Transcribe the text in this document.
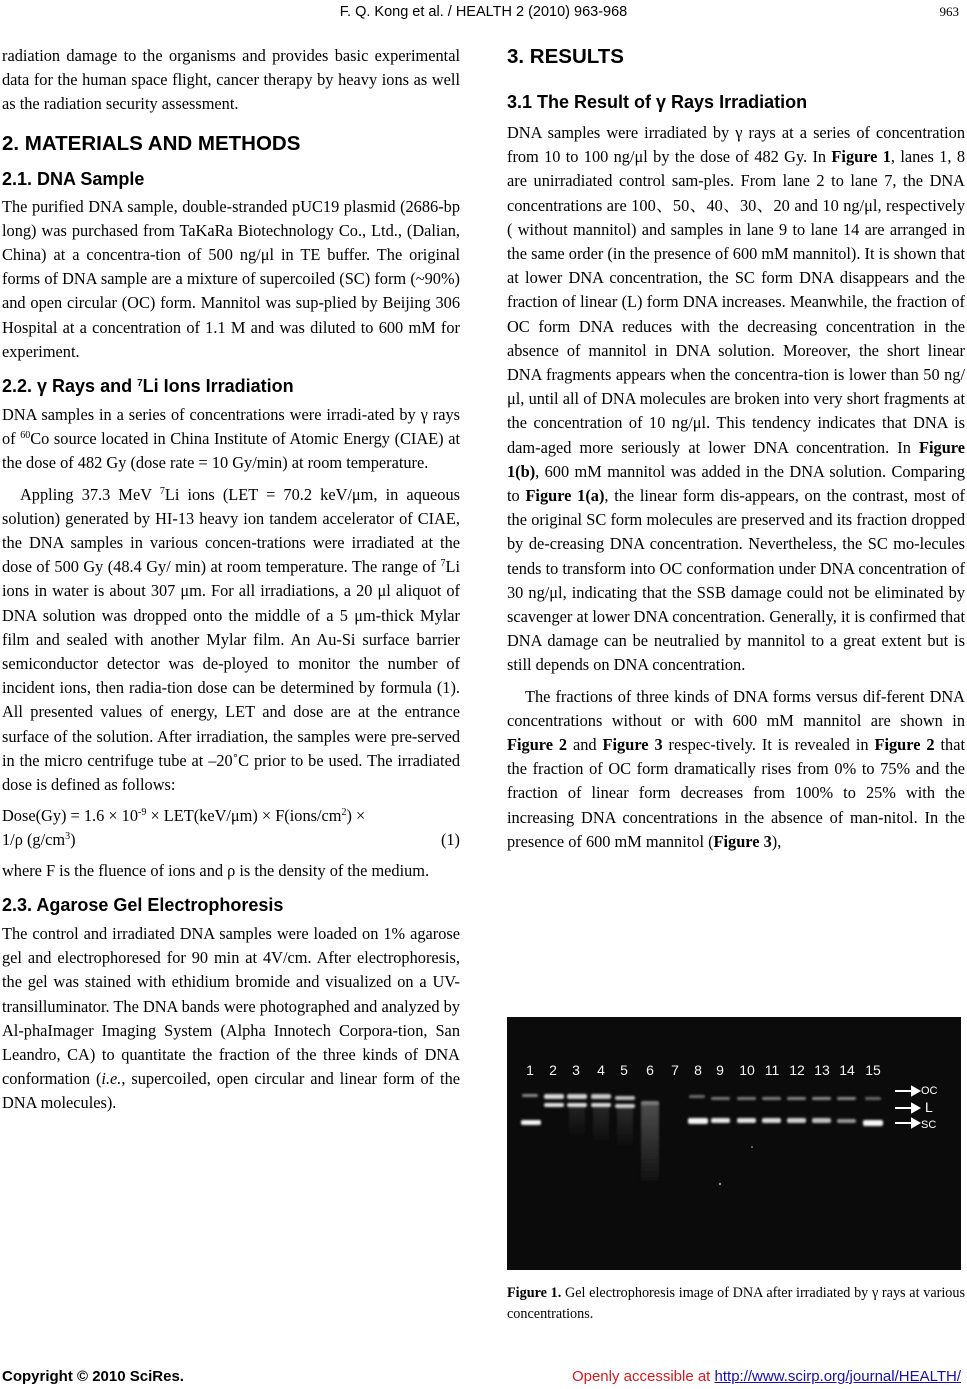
F. Q. Kong et al. / HEALTH 2 (2010) 963-968	963

radiation damage to the organisms and provides basic experimental data for the human space flight, cancer therapy by heavy ions as well as the radiation security assessment.

2. MATERIALS AND METHODS
2.1. DNA Sample

The purified DNA sample, double-stranded pUC19 plasmid (2686-bp long) was purchased from TaKaRa Biotechnology Co., Ltd., (Dalian, China) at a concentra-tion of 500 ng/μl in TE buffer. The original forms of DNA sample are a mixture of supercoiled (SC) form (~90%) and open circular (OC) form. Mannitol was sup-plied by Beijing 306 Hospital at a concentration of 1.1 M and was diluted to 600 mM for experiment.

2.2. γ Rays and $^7$Li Ions Irradiation

DNA samples in a series of concentrations were irradi-ated by γ rays of $^{60}$Co source located in China Institute of Atomic Energy (CIAE) at the dose of 482 Gy (dose rate = 10 Gy/min) at room temperature.

Appling 37.3 MeV $^7$Li ions (LET = 70.2 keV/μm, in aqueous solution) generated by HI-13 heavy ion tandem accelerator of CIAE, the DNA samples in various concen-trations were irradiated at the dose of 500 Gy (48.4 Gy/ min) at room temperature. The range of $^7$Li ions in water is about 307 μm. For all irradiations, a 20 μl aliquot of DNA solution was dropped onto the middle of a 5 μm-thick Mylar film and sealed with another Mylar film. An Au-Si surface barrier semiconductor detector was de-ployed to monitor the number of incident ions, then radia-tion dose can be determined by formula (1). All presented values of energy, LET and dose are at the entrance surface of the solution. After irradiation, the samples were pre-served in the micro centrifuge tube at –20˚C prior to be used. The irradiated dose is defined as follows:

Dose(Gy) = $1.6 \times 10^{-9} \times LET(keV/\mu m)$ × $F(ions/cm^2)$ ×
1/ρ $(g/cm^3)$	(1)

where F is the fluence of ions and ρ is the density of the medium.

2.3. Agarose Gel Electrophoresis

The control and irradiated DNA samples were loaded on 1% agarose gel and electrophoresed for 90 min at 4V/cm. After electrophoresis, the gel was stained with ethidium bromide and visualized on a UV-transilluminator. The DNA bands were photographed and analyzed by Al-phaImager Imaging System (Alpha Innotech Corpora-tion, San Leandro, CA) to quantitate the fraction of the three kinds of DNA conformation (i.e., supercoiled, open circular and linear form of the DNA molecules).

3. RESULTS
3.1 The Result of γ Rays Irradiation

DNA samples were irradiated by γ rays at a series of concentration from 10 to 100 ng/μl by the dose of 482 Gy. In Figure 1, lanes 1, 8 are unirradiated control sam-ples. From lane 2 to lane 7, the DNA concentrations are 100、50、40、30、20 and 10 ng/μl, respectively ( without mannitol) and samples in lane 9 to lane 14 are arranged in the same order (in the presence of 600 mM mannitol). It is shown that at lower DNA concentration, the SC form DNA disappears and the fraction of linear (L) form DNA increases. Meanwhile, the fraction of OC form DNA reduces with the decreasing concentration in the absence of mannitol in DNA solution. Moreover, the short linear DNA fragments appears when the concentra-tion is lower than 50 ng/μl, until all of DNA molecules are broken into very short fragments at the concentration of 10 ng/μl. This tendency indicates that DNA is dam-aged more seriously at lower DNA concentration. In Figure 1(b), 600 mM mannitol was added in the DNA solution. Comparing to Figure 1(a), the linear form dis-appears, on the contrast, most of the original SC form molecules are preserved and its fraction dropped by de-creasing DNA concentration. Nevertheless, the SC mo-lecules tends to transform into OC conformation under DNA concentration of 30 ng/μl, indicating that the SSB damage could not be eliminated by scavenger at lower DNA concentration. Generally, it is confirmed that DNA damage can be neutralied by mannitol to a great extent but is still depends on DNA concentration.

The fractions of three kinds of DNA forms versus dif-ferent DNA concentrations without or with 600 mM mannitol are shown in Figure 2 and Figure 3 respec-tively. It is revealed in Figure 2 that the fraction of OC form dramatically rises from 0% to 75% and the fraction of linear form decreases from 100% to 25% with the increasing DNA concentrations in the absence of man-nitol. In the presence of 600 mM mannitol (Figure 3),

1 2 3 4 5 6 7 8 9 10 11 12 13 14 15
OC
L
SC
Figure 1. Gel electrophoresis image of DNA after irradiated by γ rays at various concentrations.
Copyright © 2010 SciRes.	Openly accessible at http://www.scirp.org/journal/HEALTH/
